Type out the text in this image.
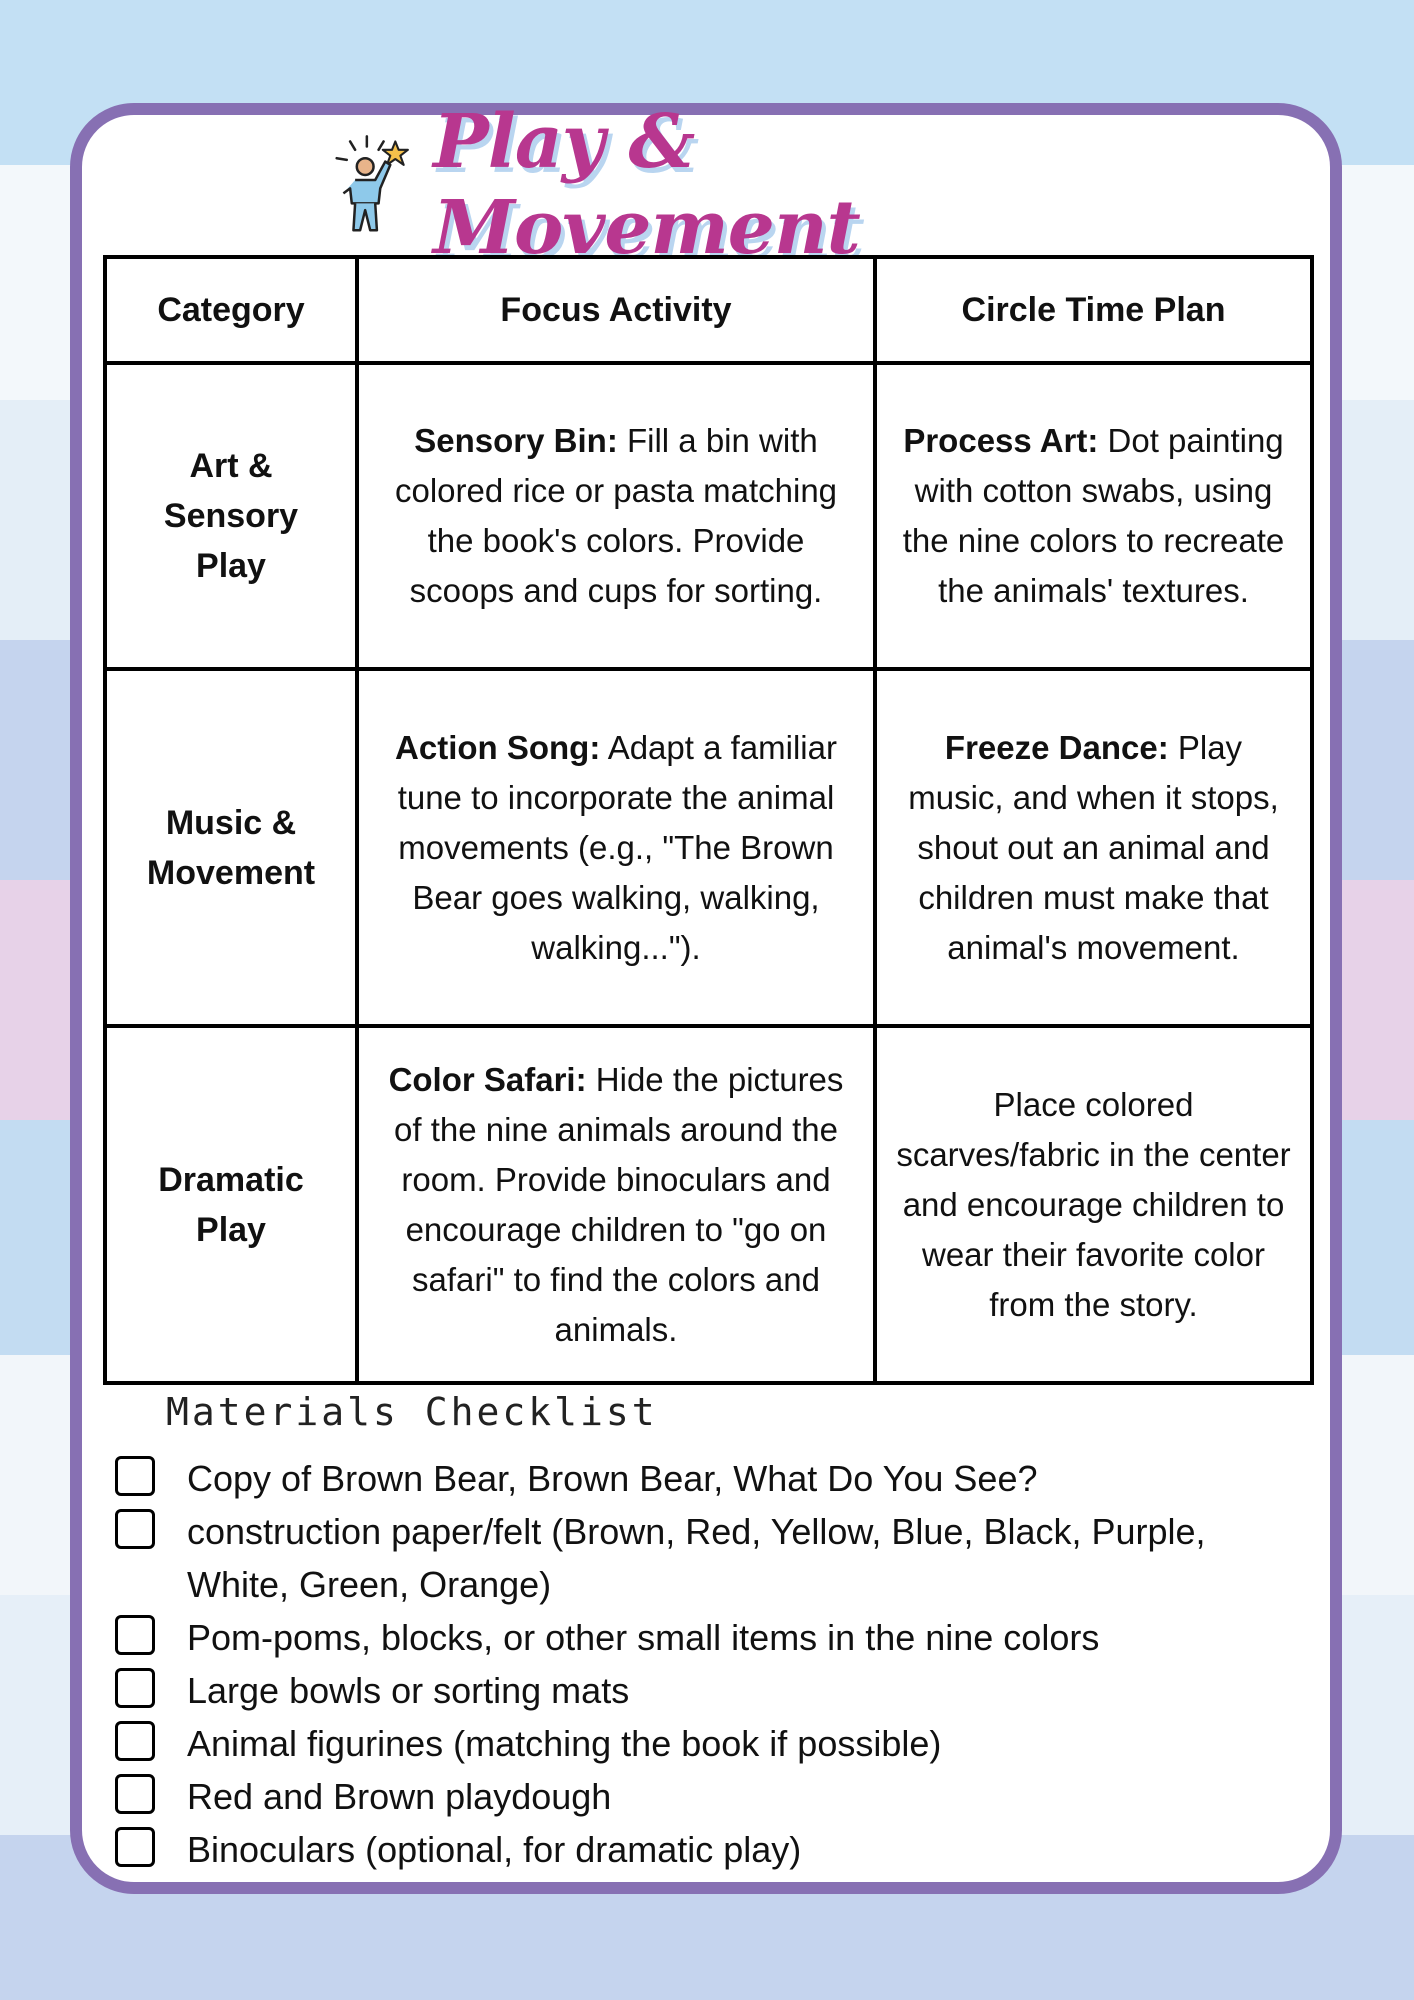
Play & Movement
Category	Focus Activity	Circle Time Plan
Art & Sensory Play	Sensory Bin: Fill a bin with colored rice or pasta matching the book's colors. Provide scoops and cups for sorting.	Process Art: Dot painting with cotton swabs, using the nine colors to recreate the animals' textures.
Music & Movement	Action Song: Adapt a familiar tune to incorporate the animal movements (e.g., "The Brown Bear goes walking, walking, walking...").	Freeze Dance: Play music, and when it stops, shout out an animal and children must make that animal's movement.
Dramatic Play	Color Safari: Hide the pictures of the nine animals around the room. Provide binoculars and encourage children to "go on safari" to find the colors and animals.	Place colored scarves/fabric in the center and encourage children to wear their favorite color from the story.
Materials Checklist
Copy of Brown Bear, Brown Bear, What Do You See?
construction paper/felt (Brown, Red, Yellow, Blue, Black, Purple, White, Green, Orange)
Pom-poms, blocks, or other small items in the nine colors
Large bowls or sorting mats
Animal figurines (matching the book if possible)
Red and Brown playdough
Binoculars (optional, for dramatic play)
